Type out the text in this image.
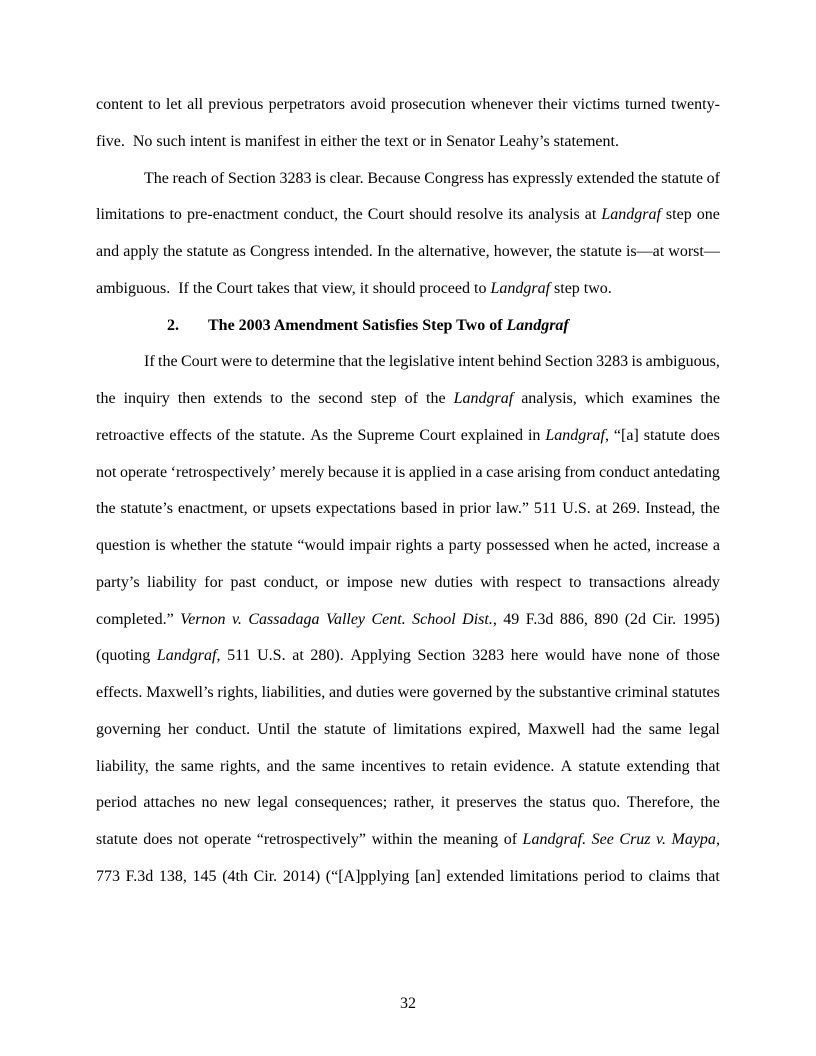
content to let all previous perpetrators avoid prosecution whenever their victims turned twenty-
five.  No such intent is manifest in either the text or in Senator Leahy’s statement.
The reach of Section 3283 is clear. Because Congress has expressly extended the statute of
limitations to pre-enactment conduct, the Court should resolve its analysis at Landgraf step one
and apply the statute as Congress intended. In the alternative, however, the statute is—at worst—
ambiguous.  If the Court takes that view, it should proceed to Landgraf step two.
2. The 2003 Amendment Satisfies Step Two of Landgraf
If the Court were to determine that the legislative intent behind Section 3283 is ambiguous,
the inquiry then extends to the second step of the Landgraf analysis, which examines the
retroactive effects of the statute. As the Supreme Court explained in Landgraf, “[a] statute does
not operate ‘retrospectively’ merely because it is applied in a case arising from conduct antedating
the statute’s enactment, or upsets expectations based in prior law.” 511 U.S. at 269. Instead, the
question is whether the statute “would impair rights a party possessed when he acted, increase a
party’s liability for past conduct, or impose new duties with respect to transactions already
completed.” Vernon v. Cassadaga Valley Cent. School Dist., 49 F.3d 886, 890 (2d Cir. 1995)
(quoting Landgraf, 511 U.S. at 280). Applying Section 3283 here would have none of those
effects. Maxwell’s rights, liabilities, and duties were governed by the substantive criminal statutes
governing her conduct. Until the statute of limitations expired, Maxwell had the same legal
liability, the same rights, and the same incentives to retain evidence. A statute extending that
period attaches no new legal consequences; rather, it preserves the status quo. Therefore, the
statute does not operate “retrospectively” within the meaning of Landgraf. See Cruz v. Maypa,
773 F.3d 138, 145 (4th Cir. 2014) (“[A]pplying [an] extended limitations period to claims that
32
